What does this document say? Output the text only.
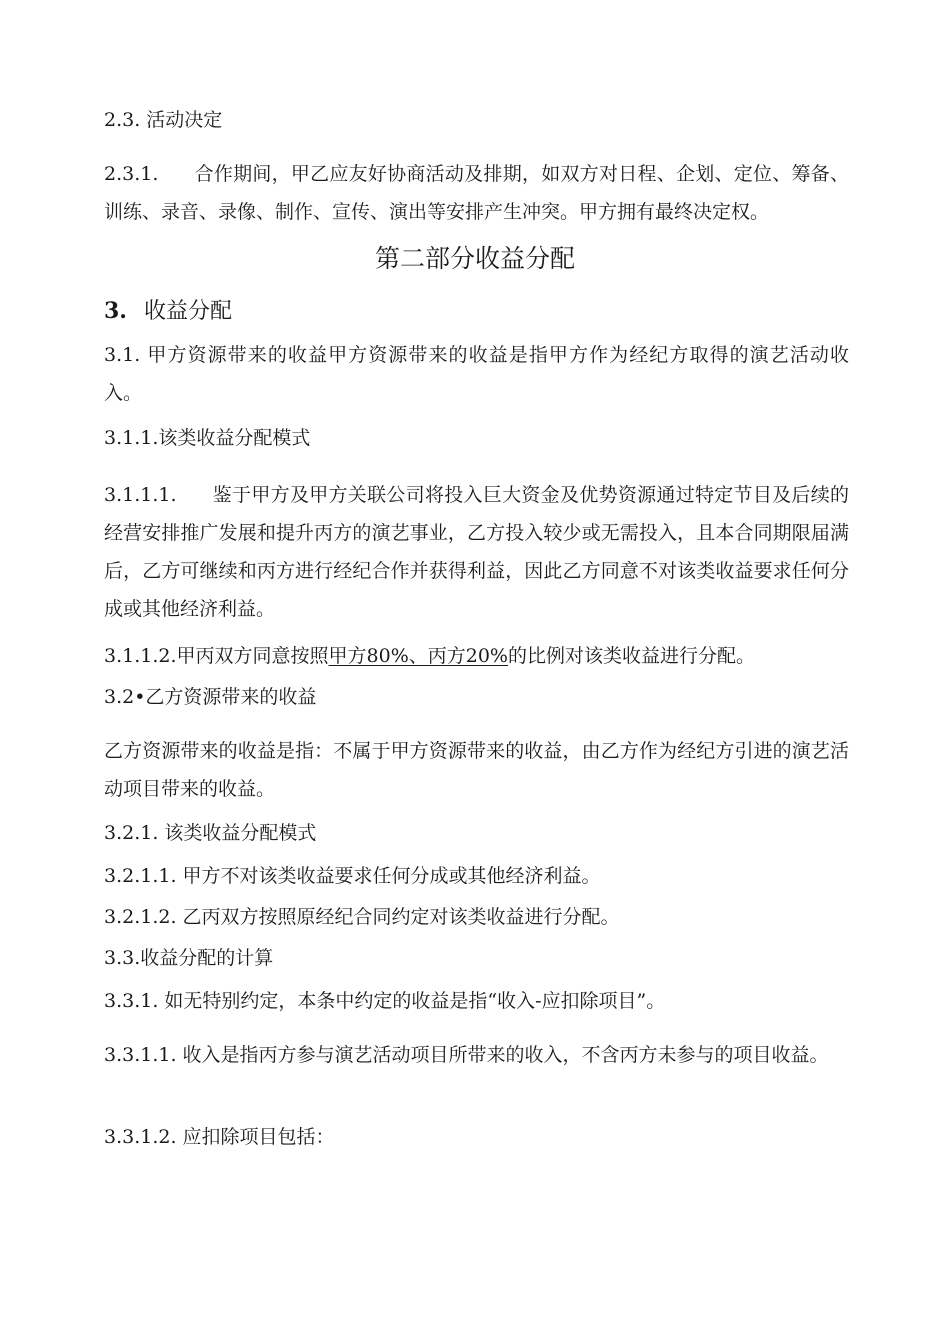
2.3. 活动决定

2.3.1. 合作期间，甲乙应友好协商活动及排期，如双方对日程、企划、定位、筹备、训练、录音、录像、制作、宣传、演出等安排产生冲突。甲方拥有最终决定权。

第二部分收益分配

3. 收益分配

3.1. 甲方资源带来的收益甲方资源带来的收益是指甲方作为经纪方取得的演艺活动收入。

3.1.1.该类收益分配模式

3.1.1.1. 鉴于甲方及甲方关联公司将投入巨大资金及优势资源通过特定节目及后续的经营安排推广发展和提升丙方的演艺事业，乙方投入较少或无需投入，且本合同期限届满后，乙方可继续和丙方进行经纪合作并获得利益，因此乙方同意不对该类收益要求任何分成或其他经济利益。

3.1.1.2.甲丙双方同意按照甲方80%、丙方20%的比例对该类收益进行分配。

3.2•乙方资源带来的收益

乙方资源带来的收益是指：不属于甲方资源带来的收益，由乙方作为经纪方引进的演艺活动项目带来的收益。

3.2.1. 该类收益分配模式

3.2.1.1. 甲方不对该类收益要求任何分成或其他经济利益。

3.2.1.2. 乙丙双方按照原经纪合同约定对该类收益进行分配。

3.3.收益分配的计算

3.3.1. 如无特别约定，本条中约定的收益是指“收入-应扣除项目”。

3.3.1.1. 收入是指丙方参与演艺活动项目所带来的收入，不含丙方未参与的项目收益。

3.3.1.2. 应扣除项目包括：
